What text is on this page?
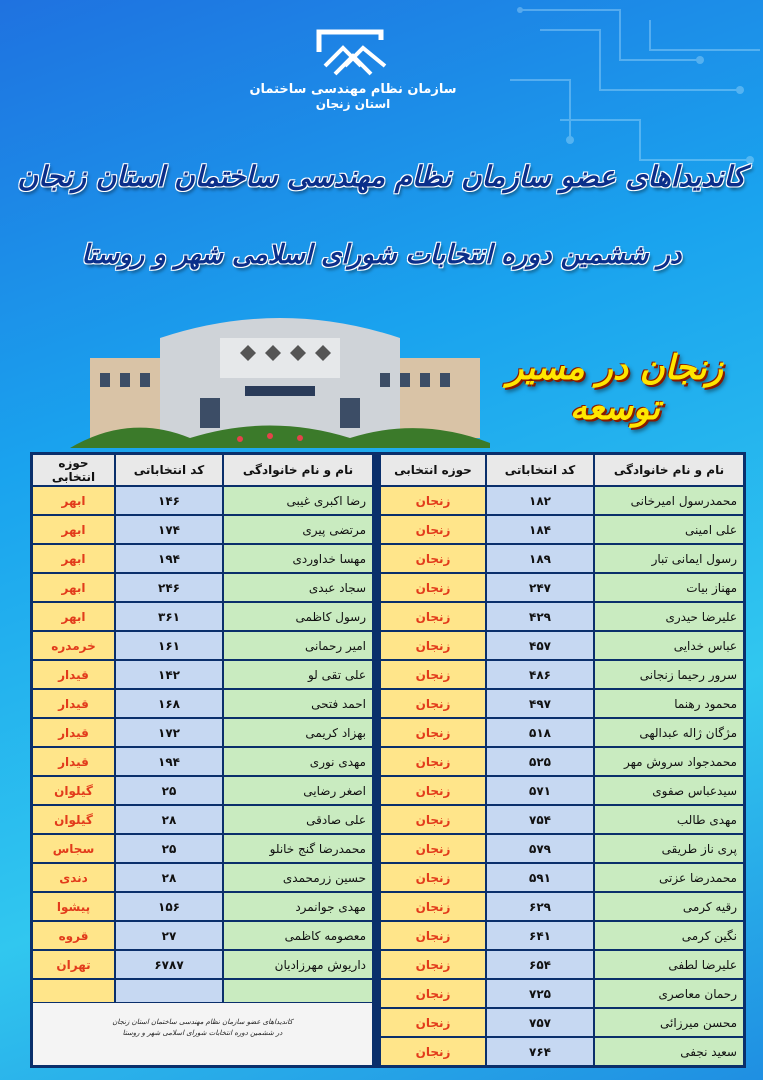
سازمان نظام مهندسی ساختمان
استان زنجان
کاندیداهای عضو سازمان نظام مهندسی ساختمان استان زنجان
در ششمین دوره انتخابات شورای اسلامی شهر و روستا
زنجان در مسیر توسعه
نام و نام خانوادگی	کد انتخاباتی	حوزه انتخابی
محمدرسول امیرخانی	۱۸۲	زنجان
علی امینی	۱۸۴	زنجان
رسول ایمانی تبار	۱۸۹	زنجان
مهناز بیات	۲۴۷	زنجان
علیرضا حیدری	۴۲۹	زنجان
عباس خدایی	۴۵۷	زنجان
سرور رحیما زنجانی	۴۸۶	زنجان
محمود رهنما	۴۹۷	زنجان
مژگان ژاله عبدالهی	۵۱۸	زنجان
محمدجواد سروش مهر	۵۲۵	زنجان
سیدعباس صفوی	۵۷۱	زنجان
مهدی طالب	۷۵۴	زنجان
پری ناز طریقی	۵۷۹	زنجان
محمدرضا عزتی	۵۹۱	زنجان
رقیه کرمی	۶۲۹	زنجان
نگین کرمی	۶۴۱	زنجان
علیرضا لطفی	۶۵۴	زنجان
رحمان معاصری	۷۲۵	زنجان
محسن میرزائی	۷۵۷	زنجان
سعید نجفی	۷۶۴	زنجان
نام و نام خانوادگی	کد انتخاباتی	حوزه انتخابی
رضا اکبری غیبی	۱۴۶	ابهر
مرتضی پیری	۱۷۴	ابهر
مهسا خداوردی	۱۹۴	ابهر
سجاد عبدی	۲۴۶	ابهر
رسول کاظمی	۳۶۱	ابهر
امیر رحمانی	۱۶۱	خرمدره
علی تقی لو	۱۴۲	قیدار
احمد فتحی	۱۶۸	قیدار
بهزاد کریمی	۱۷۲	قیدار
مهدی نوری	۱۹۴	قیدار
اصغر رضایی	۲۵	گیلوان
علی صادقی	۲۸	گیلوان
محمدرضا گنج خانلو	۲۵	سجاس
حسین زرمحمدی	۲۸	دندی
مهدی جوانمرد	۱۵۶	پیشوا
معصومه کاظمی	۲۷	قروه
داریوش مهرزادیان	۶۷۸۷	تهران

کاندیداهای عضو سازمان نظام مهندسی ساختمان استان زنجان
در ششمین دوره انتخابات شورای اسلامی شهر و روستا
